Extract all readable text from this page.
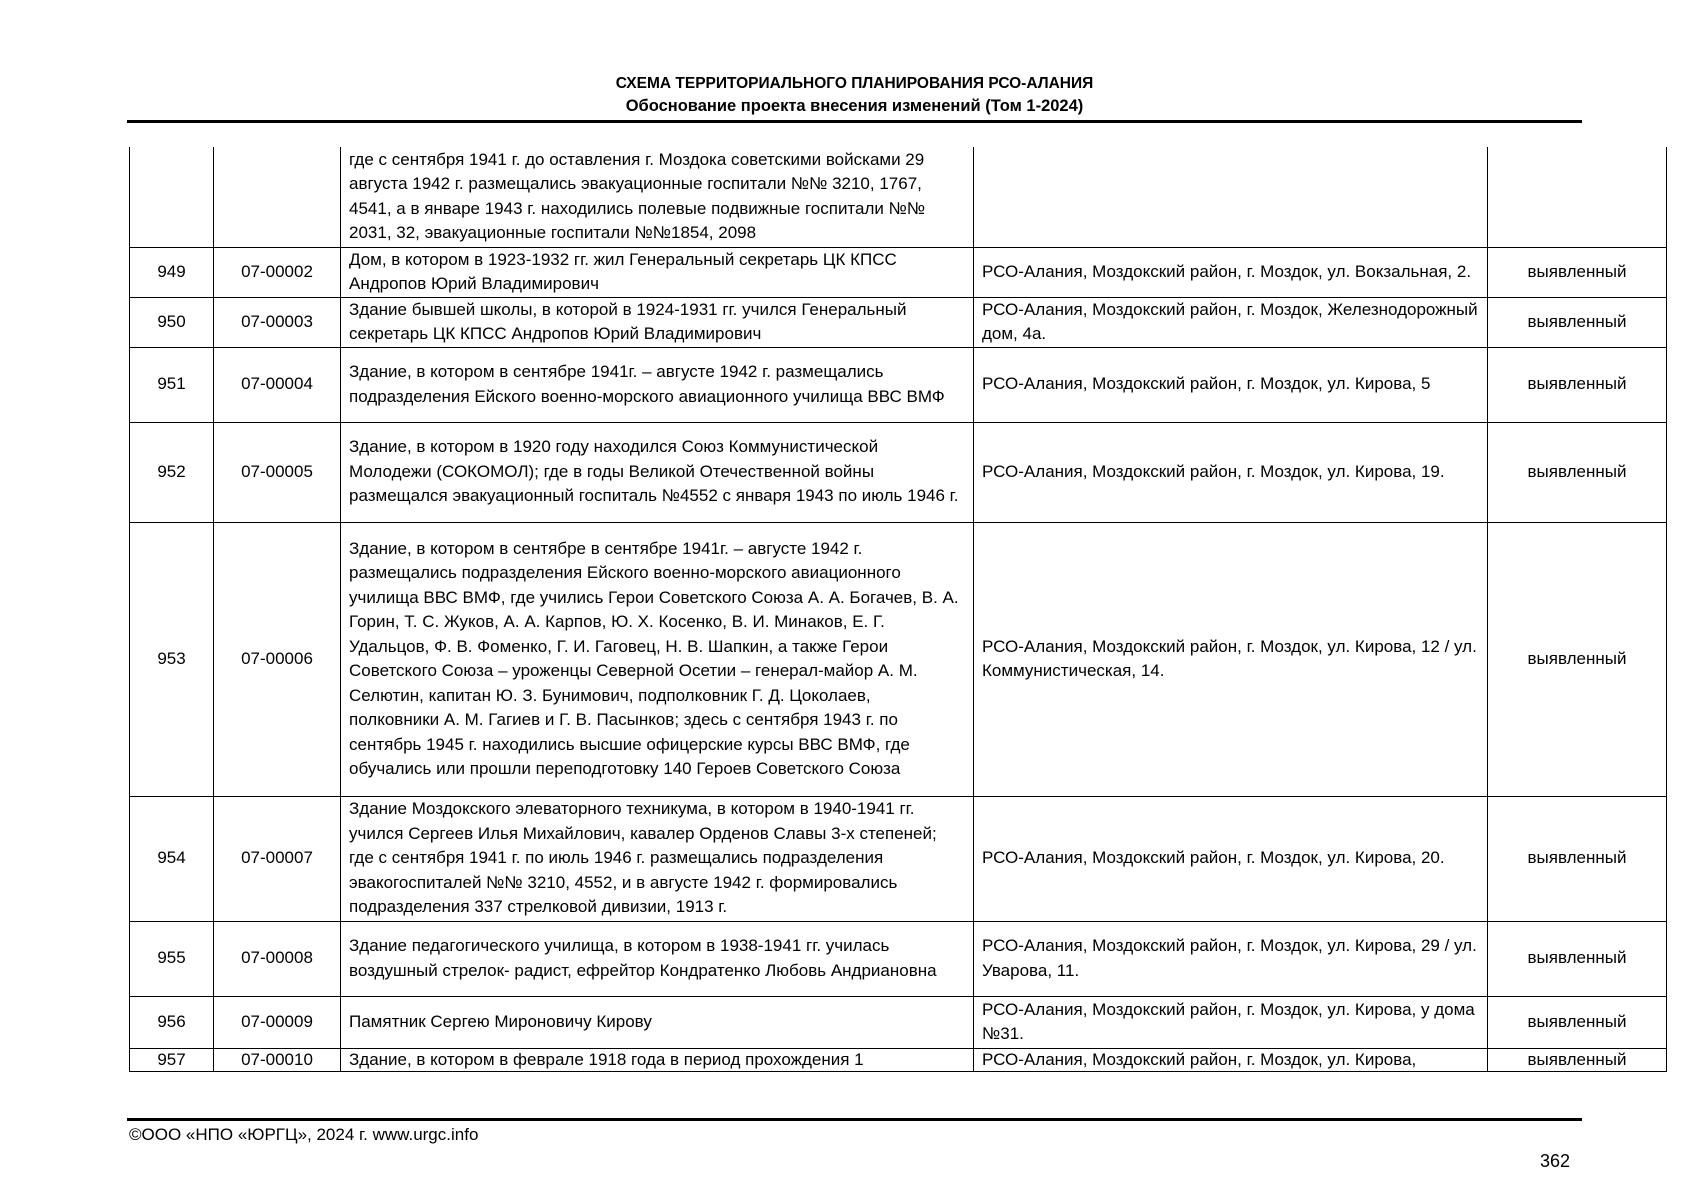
СХЕМА ТЕРРИТОРИАЛЬНОГО ПЛАНИРОВАНИЯ РСО-АЛАНИЯ
Обоснование проекта внесения изменений (Том 1-2024)
		где с сентября 1941 г. до оставления г. Моздока советскими войсками 29 августа 1942 г. размещались эвакуационные госпитали №№ 3210, 1767, 4541, а в январе 1943 г. находились полевые подвижные госпитали №№ 2031, 32, эвакуационные госпитали №№1854, 2098		
949	07-00002	Дом, в котором в 1923-1932 гг. жил Генеральный секретарь ЦК КПСС Андропов Юрий Владимирович	РСО-Алания, Моздокский район, г. Моздок, ул. Вокзальная, 2.	выявленный
950	07-00003	Здание бывшей школы, в которой в 1924-1931 гг. учился Генеральный секретарь ЦК КПСС Андропов Юрий Владимирович	РСО-Алания, Моздокский район, г. Моздок, Железнодорожный дом, 4а.	выявленный
951	07-00004	Здание, в котором в сентябре 1941г. – августе 1942 г. размещались подразделения Ейского военно-морского авиационного училища ВВС ВМФ	РСО-Алания, Моздокский район, г. Моздок, ул. Кирова, 5	выявленный
952	07-00005	Здание, в котором в 1920 году находился Союз Коммунистической Молодежи (СОКОМОЛ); где в годы Великой Отечественной войны размещался эвакуационный госпиталь №4552 с января 1943 по июль 1946 г.	РСО-Алания, Моздокский район, г. Моздок, ул. Кирова, 19.	выявленный
953	07-00006	Здание, в котором в сентябре в сентябре 1941г. – августе 1942 г. размещались подразделения Ейского военно-морского авиационного училища ВВС ВМФ, где учились Герои Советского Союза А. А. Богачев, В. А. Горин, Т. С. Жуков, А. А. Карпов, Ю. Х. Косенко, В. И. Минаков, Е. Г. Удальцов, Ф. В. Фоменко, Г. И. Гаговец, Н. В. Шапкин, а также Герои Советского Союза – уроженцы Северной Осетии – генерал-майор А. М. Селютин, капитан Ю. З. Бунимович, подполковник Г. Д. Цоколаев, полковники А. М. Гагиев и Г. В. Пасынков; здесь с сентября 1943 г. по сентябрь 1945 г. находились высшие офицерские курсы ВВС ВМФ, где обучались или прошли переподготовку 140 Героев Советского Союза	РСО-Алания, Моздокский район, г. Моздок, ул. Кирова, 12 / ул. Коммунистическая, 14.	выявленный
954	07-00007	Здание Моздокского элеваторного техникума, в котором в 1940-1941 гг. учился Сергеев Илья Михайлович, кавалер Орденов Славы 3-х степеней; где с сентября 1941 г. по июль 1946 г. размещались подразделения эвакогоспиталей №№ 3210, 4552, и в августе 1942 г. формировались подразделения 337 стрелковой дивизии, 1913 г.	РСО-Алания, Моздокский район, г. Моздок, ул. Кирова, 20.	выявленный
955	07-00008	Здание педагогического училища, в котором в 1938-1941 гг. училась воздушный стрелок- радист, ефрейтор Кондратенко Любовь Андриановна	РСО-Алания, Моздокский район, г. Моздок, ул. Кирова, 29 / ул. Уварова, 11.	выявленный
956	07-00009	Памятник Сергею Мироновичу Кирову	РСО-Алания, Моздокский район, г. Моздок, ул. Кирова, у дома №31.	выявленный
957	07-00010	Здание, в котором в феврале 1918 года в период прохождения 1	РСО-Алания, Моздокский район, г. Моздок, ул. Кирова,	выявленный
©ООО «НПО «ЮРГЦ», 2024 г. www.urgc.info
362
